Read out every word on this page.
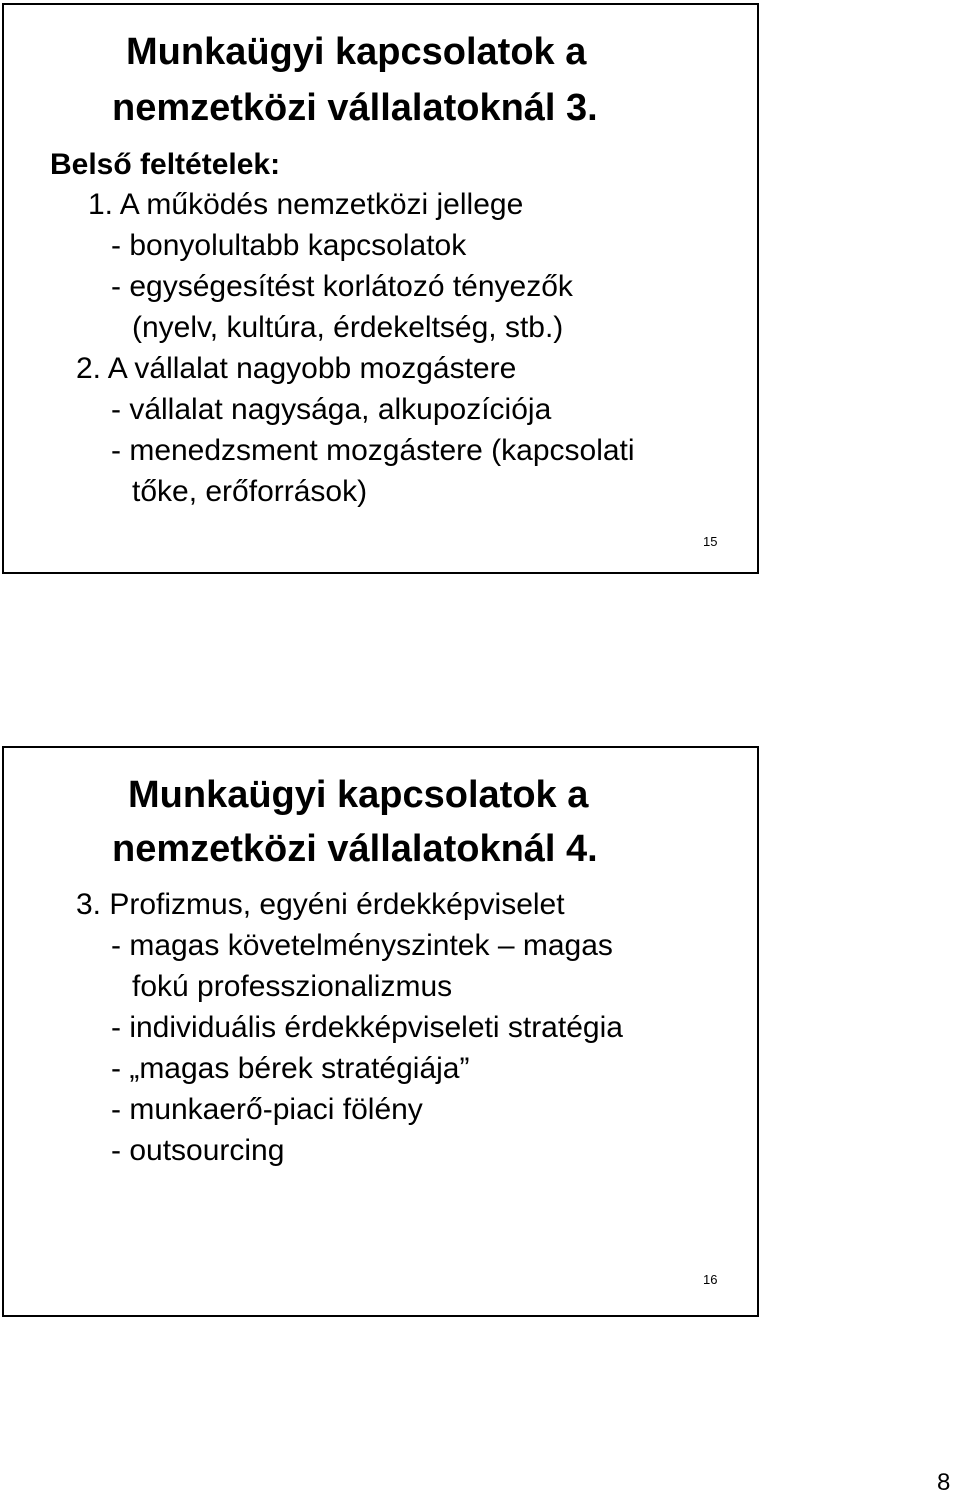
Munkaügyi kapcsolatok a
nemzetközi vállalatoknál 3.
Belső feltételek:
1. A működés nemzetközi jellege
- bonyolultabb kapcsolatok
- egységesítést korlátozó tényezők
(nyelv, kultúra, érdekeltség, stb.)
2. A vállalat nagyobb mozgástere
- vállalat nagysága, alkupozíciója
- menedzsment mozgástere (kapcsolati
tőke, erőforrások)
15
Munkaügyi kapcsolatok a
nemzetközi vállalatoknál 4.
3. Profizmus, egyéni érdekképviselet
- magas követelményszintek – magas
fokú professzionalizmus
- individuális érdekképviseleti stratégia
- „magas bérek stratégiája”
- munkaerő-piaci fölény
- outsourcing
16
8
